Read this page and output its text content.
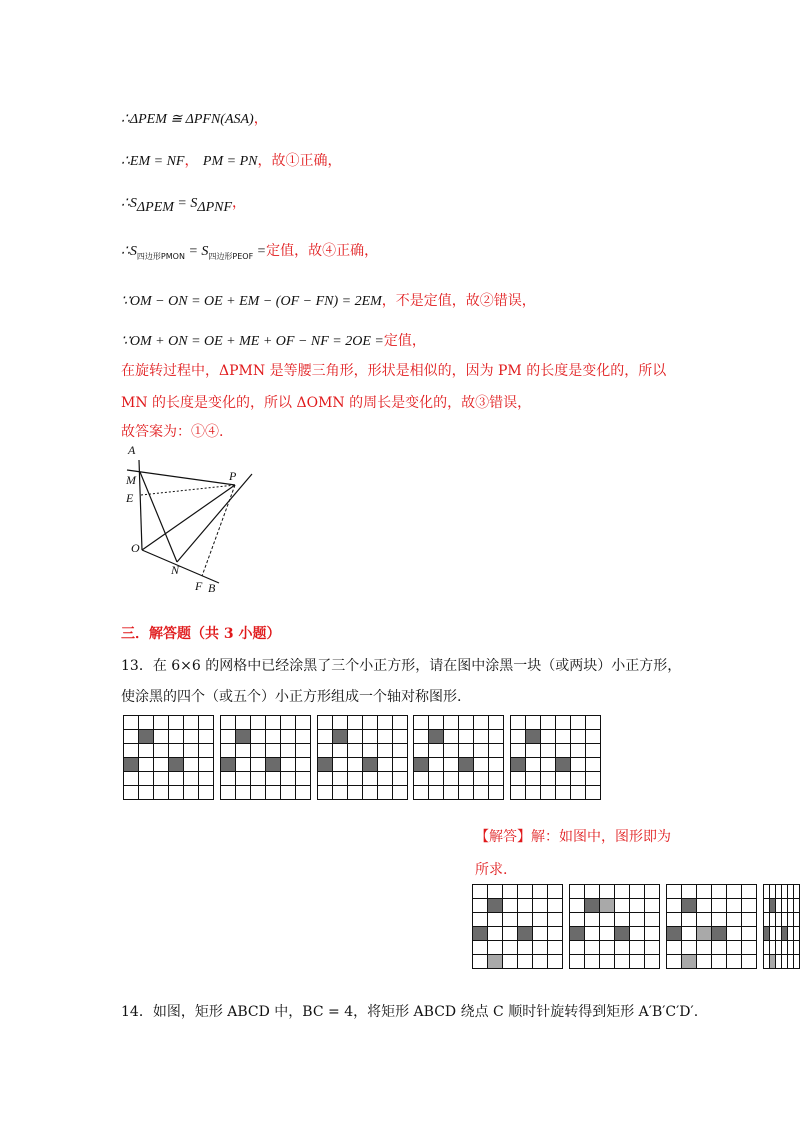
∴ΔPEM ≅ ΔPFN(ASA)，
∴EM = NF， PM = PN，故①正确，
$\therefore S_{\Delta PEM} = S_{\Delta PNF}$，
$\therefore S_{四边形PMON} = S_{四边形PEOF}$ =定值，故④正确，
∵OM − ON = OE + EM − (OF − FN) = 2EM，不是定值，故②错误，
∵OM + ON = OE + ME + OF − NF = 2OE =定值，
在旋转过程中，ΔPMN 是等腰三角形，形状是相似的，因为 PM 的长度是变化的，所以
MN 的长度是变化的，所以 ΔOMN 的周长是变化的，故③错误，
故答案为：①④.
A
M
E
O
N
F B
P
三．解答题（共 3 小题）
13．在 6×6 的网格中已经涂黑了三个小正方形，请在图中涂黑一块（或两块）小正方形，
使涂黑的四个（或五个）小正方形组成一个轴对称图形.

【解答】解：如图中，图形即为
所求.

14．如图，矩形 ABCD 中，BC = 4，将矩形 ABCD 绕点 C 顺时针旋转得到矩形 A′B′C′D′.
